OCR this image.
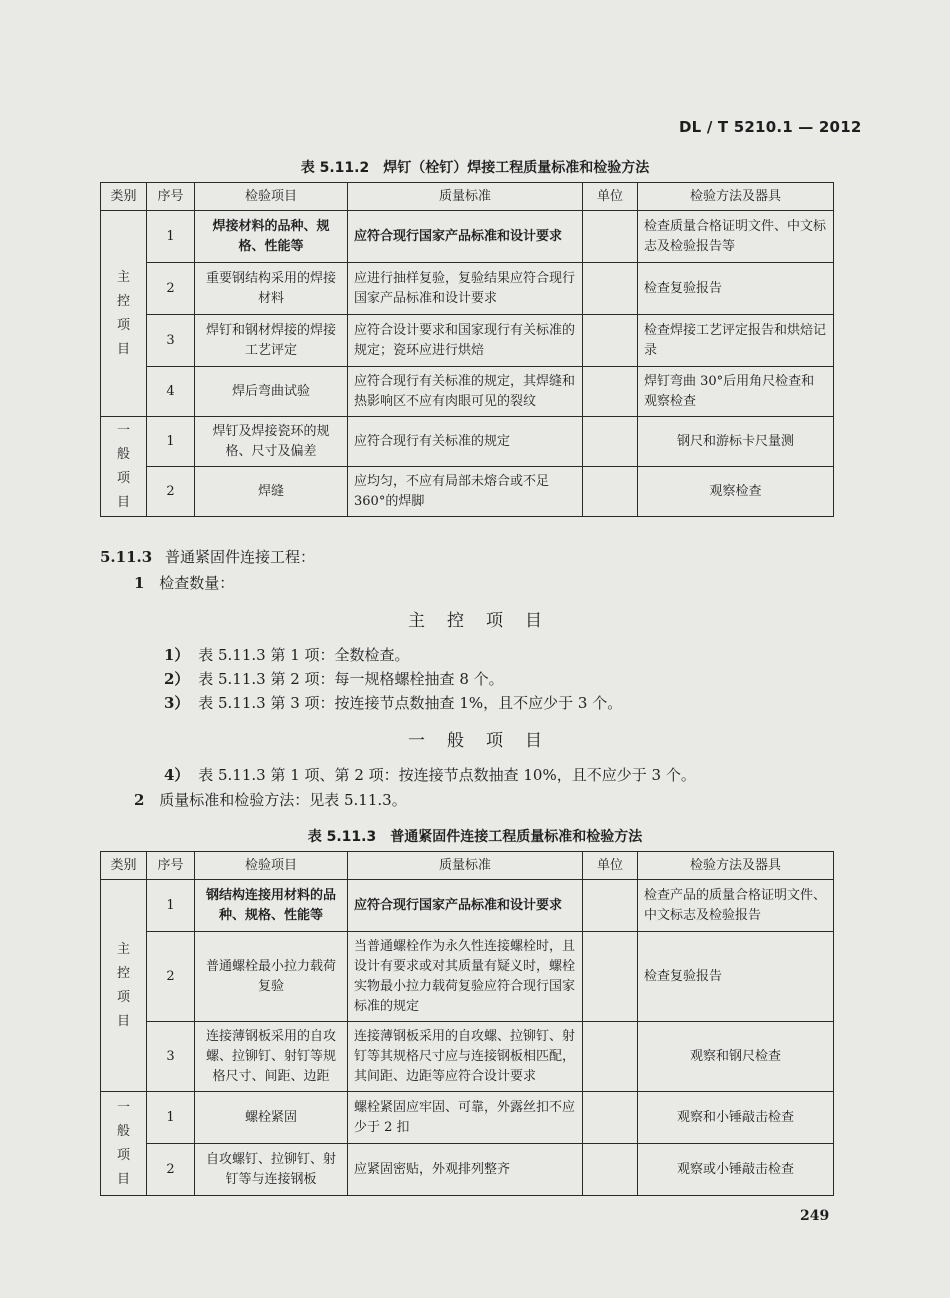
DL / T 5210.1 — 2012
表 5.11.2　焊钉（栓钉）焊接工程质量标准和检验方法
类别	序号	检验项目	质量标准	单位	检验方法及器具

主
控
项
目	1	焊接材料的品种、规格、性能等	应符合现行国家产品标准和设计要求		检查质量合格证明文件、中文标志及检验报告等
	2	重要钢结构采用的焊接材料	应进行抽样复验，复验结果应符合现行国家产品标准和设计要求		检查复验报告
	3	焊钉和钢材焊接的焊接工艺评定	应符合设计要求和国家现行有关标准的规定；瓷环应进行烘焙		检查焊接工艺评定报告和烘焙记录
	4	焊后弯曲试验	应符合现行有关标准的规定，其焊缝和热影响区不应有肉眼可见的裂纹		焊钉弯曲 30°后用角尺检查和观察检查

一
般
项
目	1	焊钉及焊接瓷环的规格、尺寸及偏差	应符合现行有关标准的规定		钢尺和游标卡尺量测
	2	焊缝	应均匀，不应有局部未熔合或不足 360°的焊脚		观察检查
5.11.3 普通紧固件连接工程：
1 检查数量：
主控项目
1） 表 5.11.3 第 1 项：全数检查。
2） 表 5.11.3 第 2 项：每一规格螺栓抽查 8 个。
3） 表 5.11.3 第 3 项：按连接节点数抽查 1%，且不应少于 3 个。
一般项目
4） 表 5.11.3 第 1 项、第 2 项：按连接节点数抽查 10%，且不应少于 3 个。
2 质量标准和检验方法：见表 5.11.3。
表 5.11.3　普通紧固件连接工程质量标准和检验方法
类别	序号	检验项目	质量标准	单位	检验方法及器具

主
控
项
目	1	钢结构连接用材料的品种、规格、性能等	应符合现行国家产品标准和设计要求		检查产品的质量合格证明文件、中文标志及检验报告
	2	普通螺栓最小拉力载荷复验	当普通螺栓作为永久性连接螺栓时，且设计有要求或对其质量有疑义时，螺栓实物最小拉力载荷复验应符合现行国家标准的规定		检查复验报告
	3	连接薄钢板采用的自攻螺、拉铆钉、射钉等规格尺寸、间距、边距	连接薄钢板采用的自攻螺、拉铆钉、射钉等其规格尺寸应与连接钢板相匹配，其间距、边距等应符合设计要求		观察和钢尺检查

一
般
项
目	1	螺栓紧固	螺栓紧固应牢固、可靠，外露丝扣不应少于 2 扣		观察和小锤敲击检查
	2	自攻螺钉、拉铆钉、射钉等与连接钢板	应紧固密贴，外观排列整齐		观察或小锤敲击检查
249
